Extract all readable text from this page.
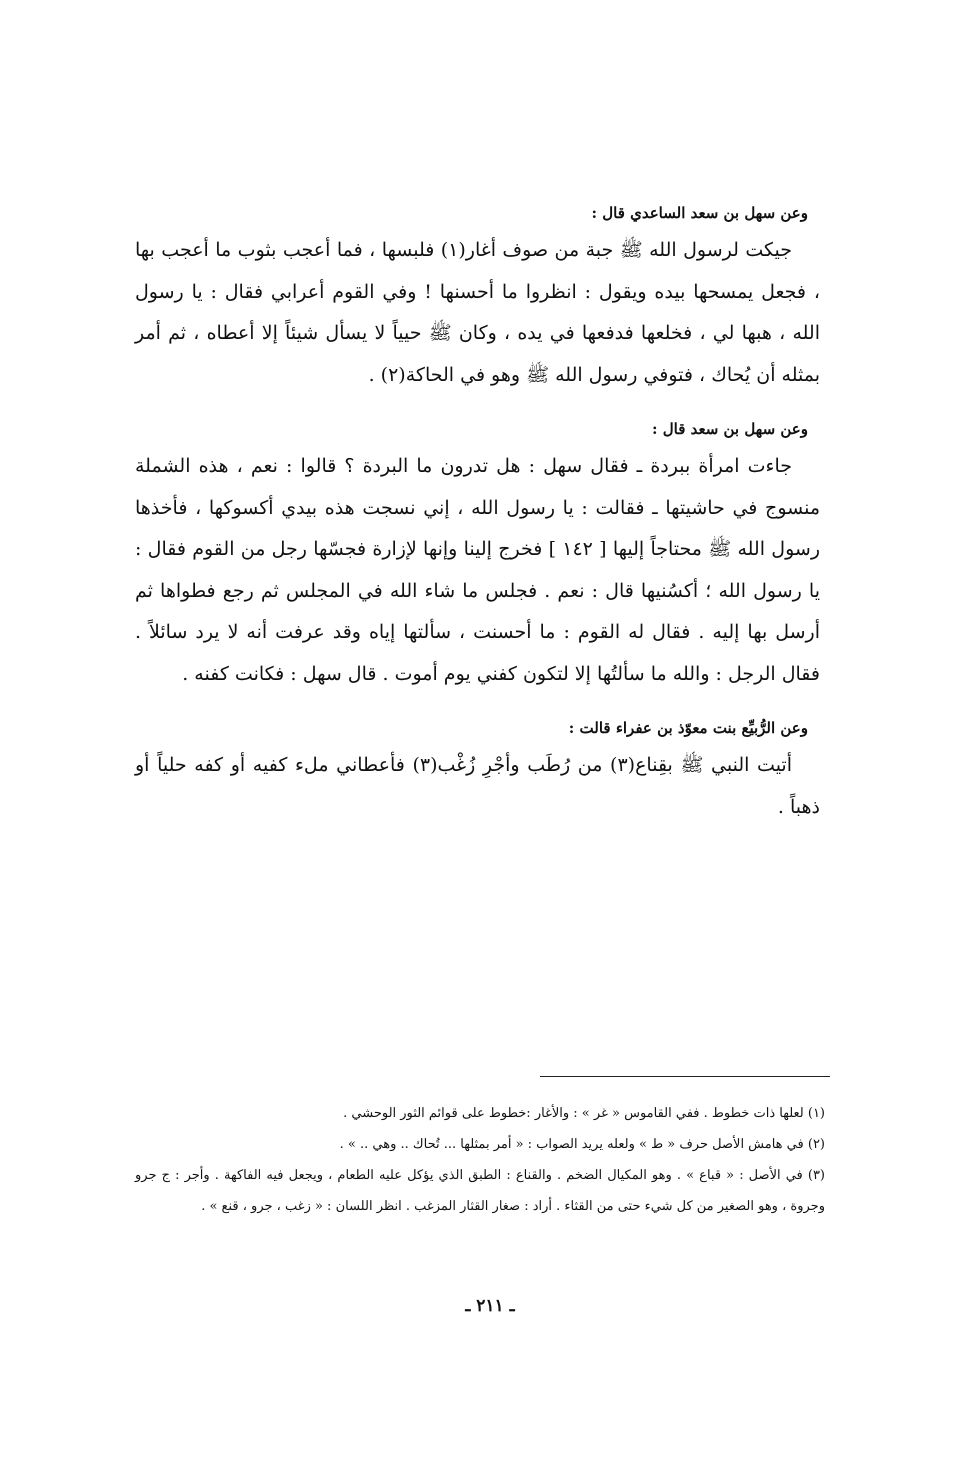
وعن سهل بن سعد الساعدي قال :

جيكت لرسول الله ﷺ جبة من صوف أغار(١) فلبسها ، فما أعجب بثوب ما أعجب بها ، فجعل يمسحها بيده ويقول : انظروا ما أحسنها ! وفي القوم أعرابي فقال : يا رسول الله ، هبها لي ، فخلعها فدفعها في يده ، وكان ﷺ حيياً لا يسأل شيئاً إلا أعطاه ، ثم أمر بمثله أن يُحاك ، فتوفي رسول الله ﷺ وهو في الحاكة(٢) .

وعن سهل بن سعد قال :

جاءت امرأة ببردة ـ فقال سهل : هل تدرون ما البردة ؟ قالوا : نعم ، هذه الشملة منسوج في حاشيتها ـ فقالت : يا رسول الله ، إني نسجت هذه بيدي أكسوكها ، فأخذها رسول الله ﷺ محتاجاً إليها [ ١٤٢ ] فخرج إلينا وإنها لإزارة فجسّها رجل من القوم فقال : يا رسول الله ؛ أكسُنيها قال : نعم . فجلس ما شاء الله في المجلس ثم رجع فطواها ثم أرسل بها إليه . فقال له القوم : ما أحسنت ، سألتها إياه وقد عرفت أنه لا يرد سائلاً . فقال الرجل : والله ما سألتُها إلا لتكون كفني يوم أموت . قال سهل : فكانت كفنه .

وعن الرُّبيِّع بنت معوّذ بن عفراء قالت :

أتيت النبي ﷺ بقِناع(٣) من رُطَب وأجْرِ زُغْب(٣) فأعطاني ملء كفيه أو كفه حلياً أو ذهباً .

(١) لعلها ذات خطوط . ففي القاموس « غر » : والأغار :خطوط على قوائم الثور الوحشي .

(٢) في هامش الأصل حرف « ط » ولعله يريد الصواب : « أمر بمثلها ... تُحاك .. وهي .. » .

(٣) في الأصل : « قباع » . وهو المكيال الضخم . والقناع : الطبق الذي يؤكل عليه الطعام ، ويجعل فيه الفاكهة . وأجر : ج جرو وجروة ، وهو الصغير من كل شيء حتى من القثاء . أراد : صغار القثار المزغب . انظر اللسان : « زغب ، جرو ، قنع » .

ـ ٢١١ ـ
